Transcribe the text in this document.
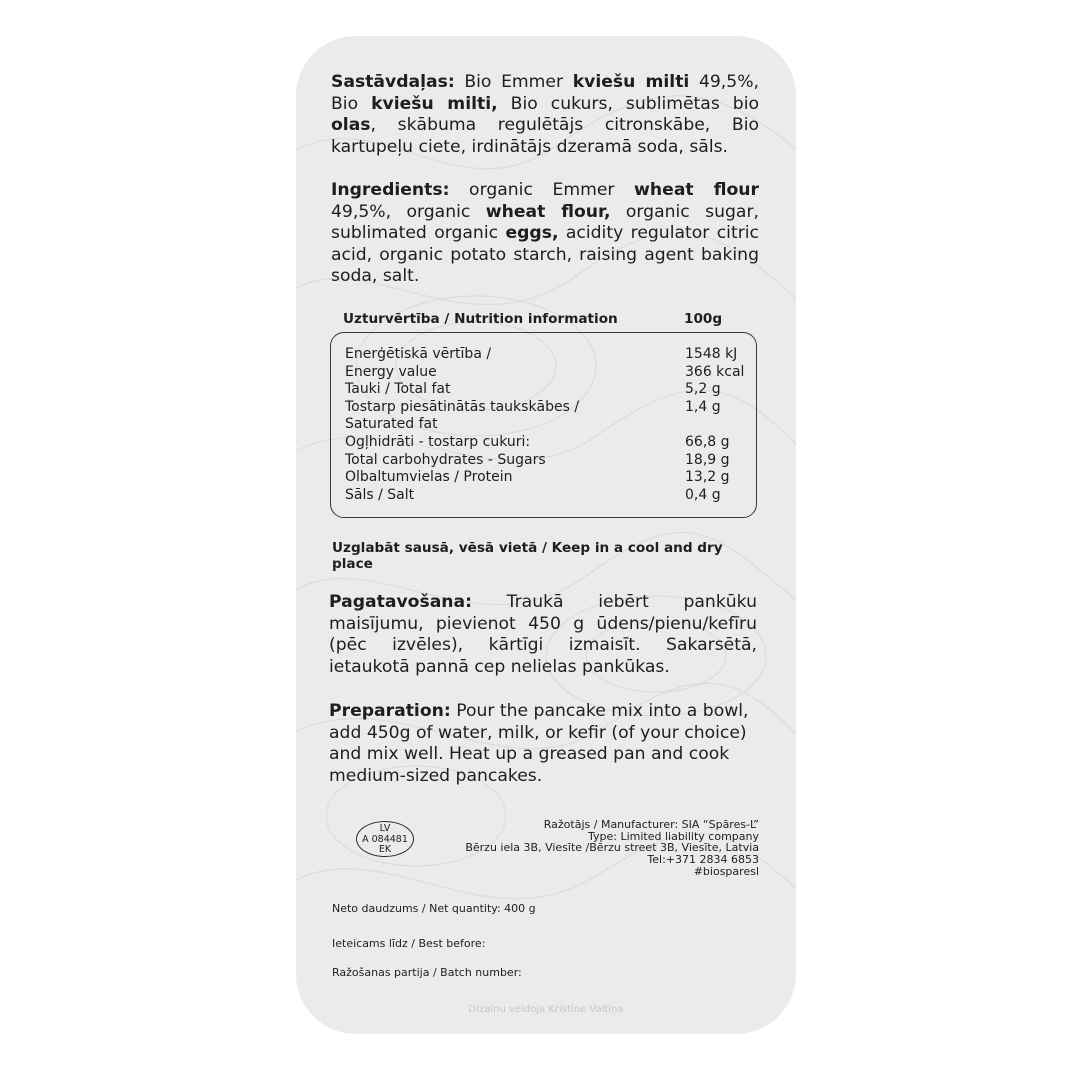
Sastāvdaļas: Bio Emmer kviešu milti 49,5%, Bio kviešu milti, Bio cukurs, sublimētas bio olas, skābuma regulētājs citronskābe, Bio kartupeļu ciete, irdinātājs dzeramā soda, sāls.

Ingredients: organic Emmer wheat flour 49,5%, organic wheat flour, organic sugar, sublimated organic eggs, acidity regulator citric acid, organic potato starch, raising agent baking soda, salt.

Uzturvērtība / Nutrition information	100g
Enerģētiskā vērtība /	1548 kJ
Energy value	366 kcal
Tauki / Total fat	5,2 g
Tostarp piesātinātās taukskābes /	1,4 g
Saturated fat
Ogļhidrāti - tostarp cukuri:	66,8 g
Total carbohydrates - Sugars	18,9 g
Olbaltumvielas / Protein	13,2 g
Sāls / Salt	0,4 g
Uzglabāt sausā, vēsā vietā / Keep in a cool and dry place

Pagatavošana: Traukā iebērt pankūku maisījumu, pievienot 450 g ūdens/pienu/kefīru (pēc izvēles), kārtīgi izmaisīt. Sakarsētā, ietaukotā pannā cep nelielas pankūkas.

Preparation: Pour the pancake mix into a bowl, add 450g of water, milk, or kefir (of your choice) and mix well. Heat up a greased pan and cook medium-sized pancakes.

LV
A 084481
EK
Ražotājs / Manufacturer: SIA “Spāres-L”
Type: Limited liability company
Bērzu iela 3B, Viesīte /Bērzu street 3B, Viesīte, Latvia
Tel:+371 2834 6853
#biosparesl
Neto daudzums / Net quantity: 400 g
Ieteicams līdz / Best before:
Ražošanas partija / Batch number:
Dizainu veidoja Kristīne Valtiņa
